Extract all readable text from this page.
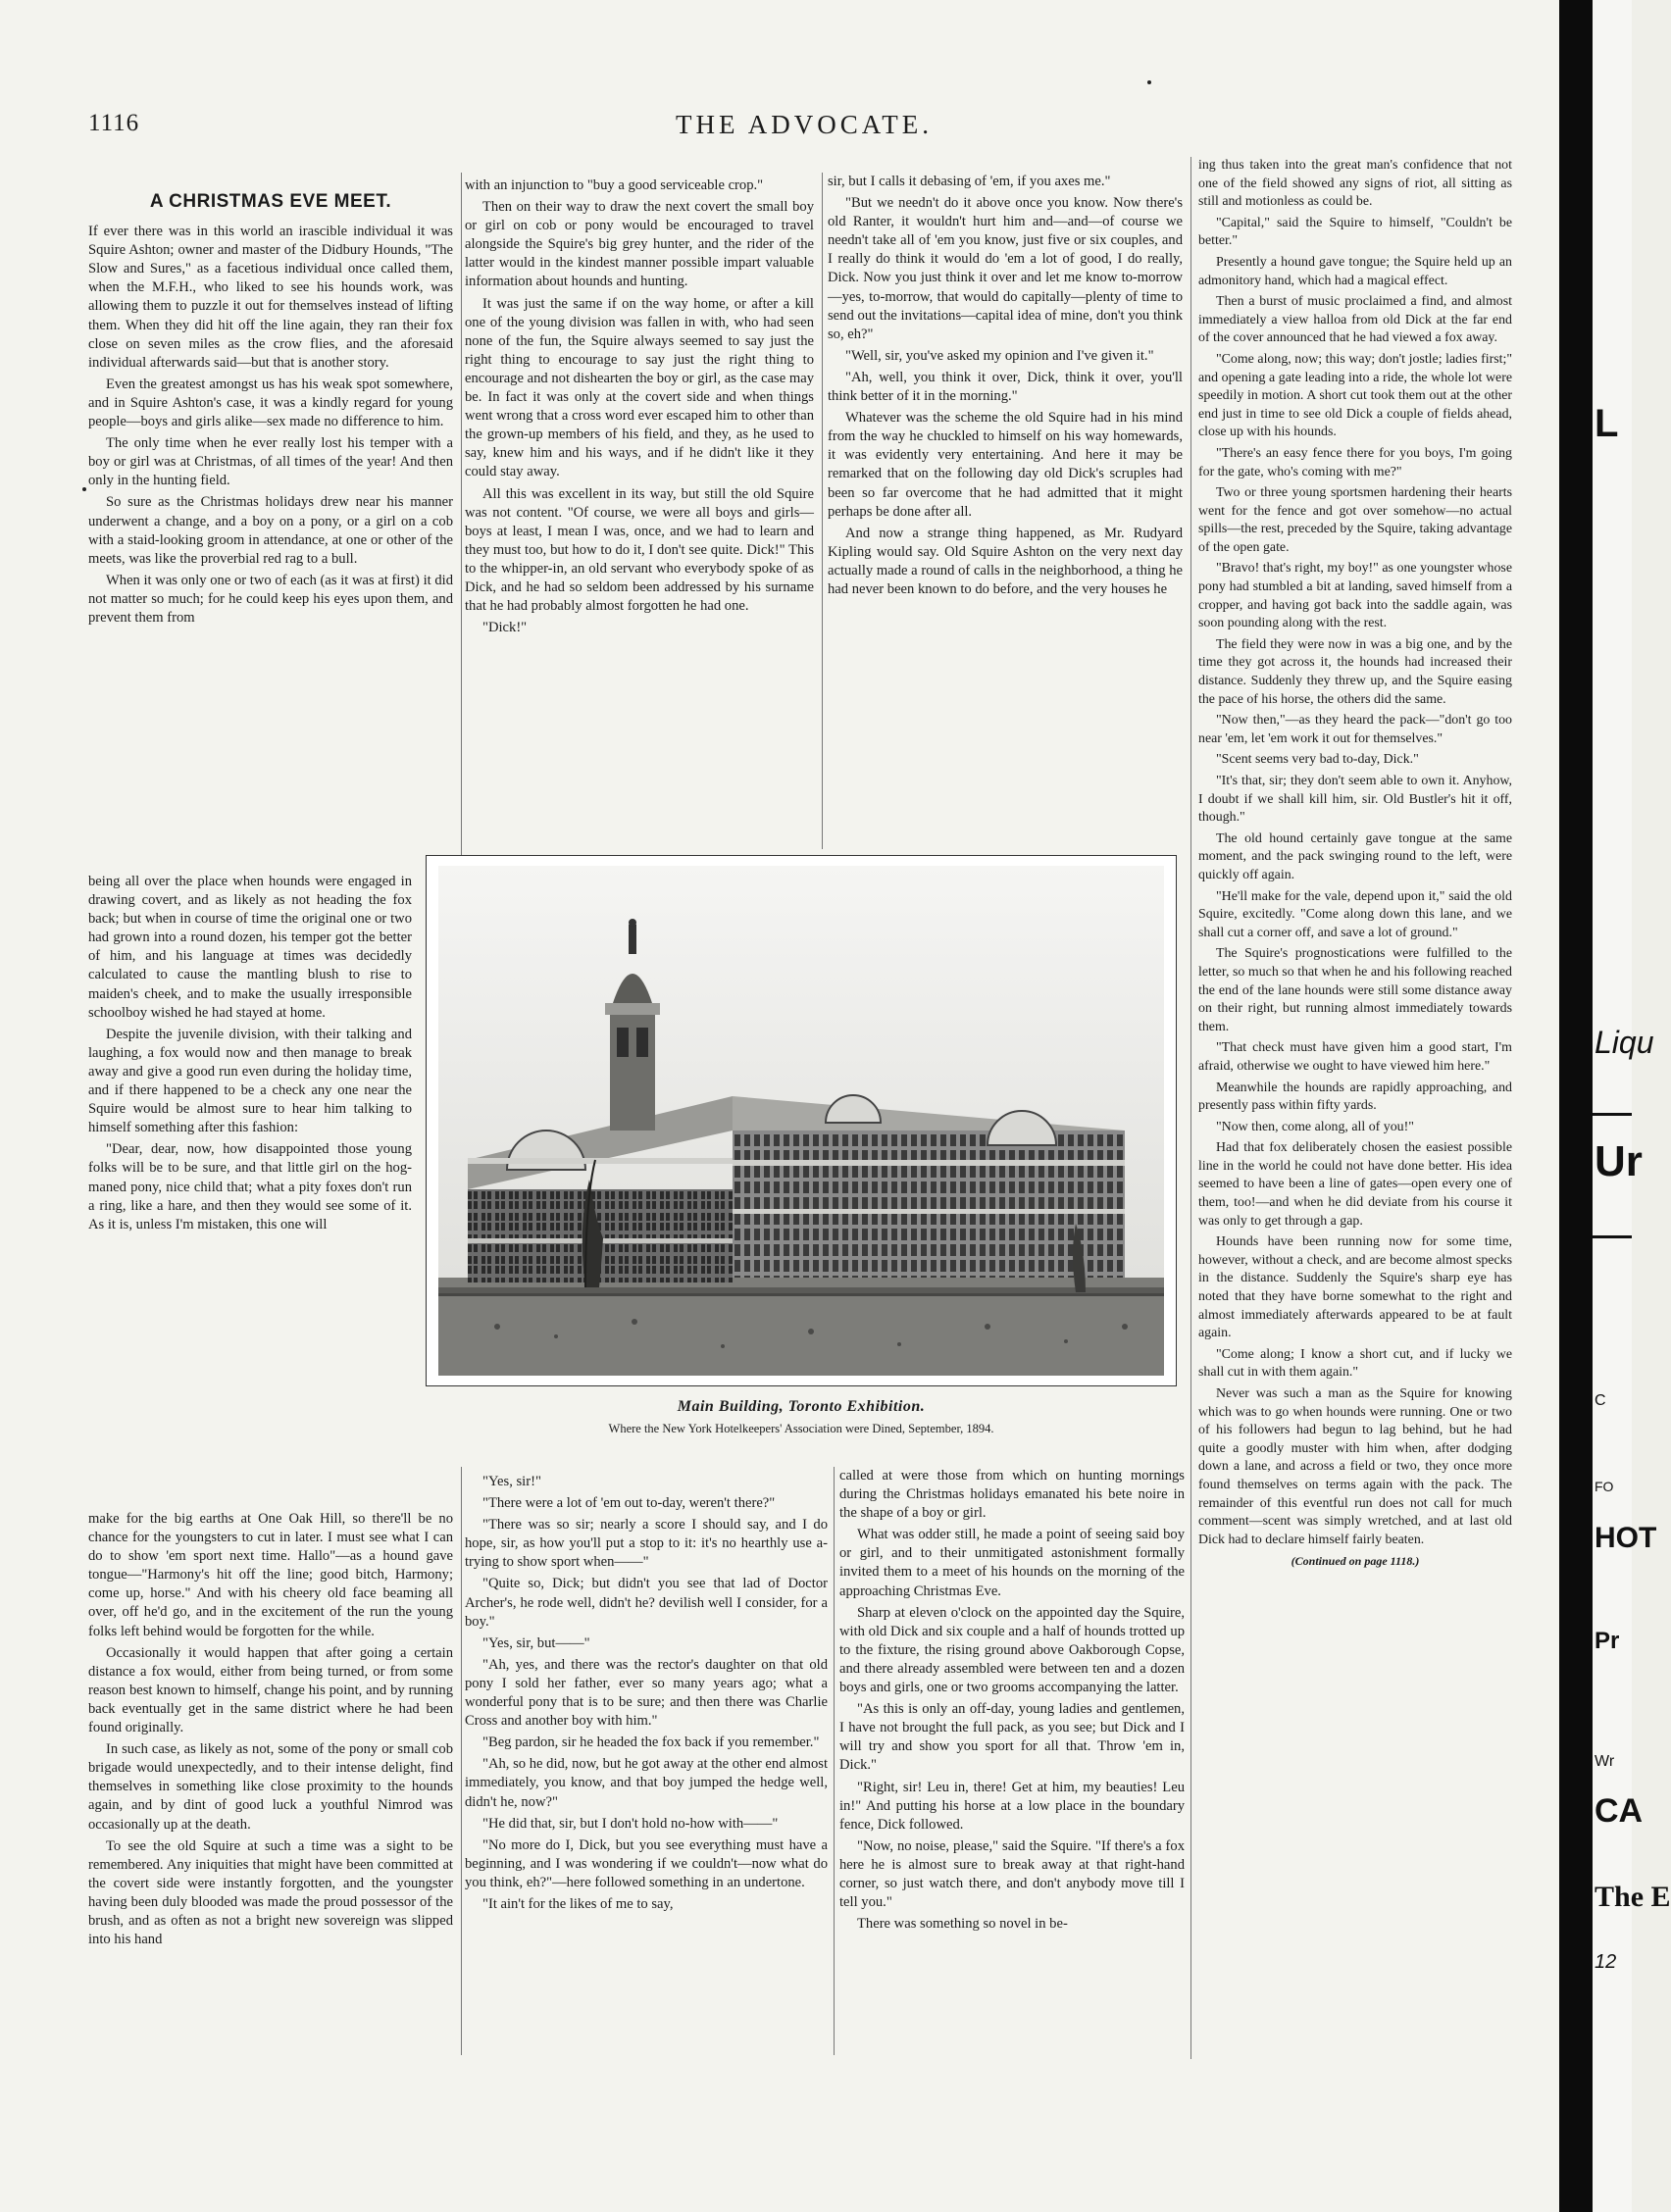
1116	THE ADVOCATE.
A CHRISTMAS EVE MEET.

If ever there was in this world an irascible individual it was Squire Ashton; owner and master of the Didbury Hounds, "The Slow and Sures," as a facetious individual once called them, when the M.F.H., who liked to see his hounds work, was allowing them to puzzle it out for themselves instead of lifting them. When they did hit off the line again, they ran their fox close on seven miles as the crow flies, and the aforesaid individual afterwards said—but that is another story.

Even the greatest amongst us has his weak spot somewhere, and in Squire Ashton's case, it was a kindly regard for young people—boys and girls alike—sex made no difference to him.

The only time when he ever really lost his temper with a boy or girl was at Christmas, of all times of the year! And then only in the hunting field.

So sure as the Christmas holidays drew near his manner underwent a change, and a boy on a pony, or a girl on a cob with a staid-looking groom in attendance, at one or other of the meets, was like the proverbial red rag to a bull.

When it was only one or two of each (as it was at first) it did not matter so much; for he could keep his eyes upon them, and prevent them from

being all over the place when hounds were engaged in drawing covert, and as likely as not heading the fox back; but when in course of time the original one or two had grown into a round dozen, his temper got the better of him, and his language at times was decidedly calculated to cause the mantling blush to rise to maiden's cheek, and to make the usually irresponsible schoolboy wished he had stayed at home.

Despite the juvenile division, with their talking and laughing, a fox would now and then manage to break away and give a good run even during the holiday time, and if there happened to be a check any one near the Squire would be almost sure to hear him talking to himself something after this fashion:

"Dear, dear, now, how disappointed those young folks will be to be sure, and that little girl on the hog-maned pony, nice child that; what a pity foxes don't run a ring, like a hare, and then they would see some of it. As it is, unless I'm mistaken, this one will

make for the big earths at One Oak Hill, so there'll be no chance for the youngsters to cut in later. I must see what I can do to show 'em sport next time. Hallo"—as a hound gave tongue—"Harmony's hit off the line; good bitch, Harmony; come up, horse." And with his cheery old face beaming all over, off he'd go, and in the excitement of the run the young folks left behind would be forgotten for the while.

Occasionally it would happen that after going a certain distance a fox would, either from being turned, or from some reason best known to himself, change his point, and by running back eventually get in the same district where he had been found originally.

In such case, as likely as not, some of the pony or small cob brigade would unexpectedly, and to their intense delight, find themselves in something like close proximity to the hounds again, and by dint of good luck a youthful Nimrod was occasionally up at the death.

To see the old Squire at such a time was a sight to be remembered. Any iniquities that might have been committed at the covert side were instantly forgotten, and the youngster having been duly blooded was made the proud possessor of the brush, and as often as not a bright new sovereign was slipped into his hand

with an injunction to "buy a good serviceable crop."

Then on their way to draw the next covert the small boy or girl on cob or pony would be encouraged to travel alongside the Squire's big grey hunter, and the rider of the latter would in the kindest manner possible impart valuable information about hounds and hunting.

It was just the same if on the way home, or after a kill one of the young division was fallen in with, who had seen none of the fun, the Squire always seemed to say just the right thing to encourage to say just the right thing to encourage and not dishearten the boy or girl, as the case may be. In fact it was only at the covert side and when things went wrong that a cross word ever escaped him to other than the grown-up members of his field, and they, as he used to say, knew him and his ways, and if he didn't like it they could stay away.

All this was excellent in its way, but still the old Squire was not content. "Of course, we were all boys and girls—boys at least, I mean I was, once, and we had to learn and they must too, but how to do it, I don't see quite. Dick!" This to the whipper-in, an old servant who everybody spoke of as Dick, and he had so seldom been addressed by his surname that he had probably almost forgotten he had one.

"Dick!"

sir, but I calls it debasing of 'em, if you axes me."

"But we needn't do it above once you know. Now there's old Ranter, it wouldn't hurt him and—and—of course we needn't take all of 'em you know, just five or six couples, and I really do think it would do 'em a lot of good, I do really, Dick. Now you just think it over and let me know to-morrow—yes, to-morrow, that would do capitally—plenty of time to send out the invitations—capital idea of mine, don't you think so, eh?"

"Well, sir, you've asked my opinion and I've given it."

"Ah, well, you think it over, Dick, think it over, you'll think better of it in the morning."

Whatever was the scheme the old Squire had in his mind from the way he chuckled to himself on his way homewards, it was evidently very entertaining. And here it may be remarked that on the following day old Dick's scruples had been so far overcome that he had admitted that it might perhaps be done after all.

And now a strange thing happened, as Mr. Rudyard Kipling would say. Old Squire Ashton on the very next day actually made a round of calls in the neighborhood, a thing he had never been known to do before, and the very houses he

Main Building, Toronto Exhibition.
Where the New York Hotelkeepers' Association were Dined, September, 1894.

"Yes, sir!"

"There were a lot of 'em out to-day, weren't there?"

"There was so sir; nearly a score I should say, and I do hope, sir, as how you'll put a stop to it: it's no hearthly use a-trying to show sport when——"

"Quite so, Dick; but didn't you see that lad of Doctor Archer's, he rode well, didn't he? devilish well I consider, for a boy."

"Yes, sir, but——"

"Ah, yes, and there was the rector's daughter on that old pony I sold her father, ever so many years ago; what a wonderful pony that is to be sure; and then there was Charlie Cross and another boy with him."

"Beg pardon, sir he headed the fox back if you remember."

"Ah, so he did, now, but he got away at the other end almost immediately, you know, and that boy jumped the hedge well, didn't he, now?"

"He did that, sir, but I don't hold no-how with——"

"No more do I, Dick, but you see everything must have a beginning, and I was wondering if we couldn't—now what do you think, eh?"—here followed something in an undertone.

"It ain't for the likes of me to say,

called at were those from which on hunting mornings during the Christmas holidays emanated his bete noire in the shape of a boy or girl.

What was odder still, he made a point of seeing said boy or girl, and to their unmitigated astonishment formally invited them to a meet of his hounds on the morning of the approaching Christmas Eve.

Sharp at eleven o'clock on the appointed day the Squire, with old Dick and six couple and a half of hounds trotted up to the fixture, the rising ground above Oakborough Copse, and there already assembled were between ten and a dozen boys and girls, one or two grooms accompanying the latter.

"As this is only an off-day, young ladies and gentlemen, I have not brought the full pack, as you see; but Dick and I will try and show you sport for all that. Throw 'em in, Dick."

"Right, sir! Leu in, there! Get at him, my beauties! Leu in!" And putting his horse at a low place in the boundary fence, Dick followed.

"Now, no noise, please," said the Squire. "If there's a fox here he is almost sure to break away at that right-hand corner, so just watch there, and don't anybody move till I tell you."

There was something so novel in be-

ing thus taken into the great man's confidence that not one of the field showed any signs of riot, all sitting as still and motionless as could be.

"Capital," said the Squire to himself, "Couldn't be better."

Presently a hound gave tongue; the Squire held up an admonitory hand, which had a magical effect.

Then a burst of music proclaimed a find, and almost immediately a view halloa from old Dick at the far end of the cover announced that he had viewed a fox away.

"Come along, now; this way; don't jostle; ladies first;" and opening a gate leading into a ride, the whole lot were speedily in motion. A short cut took them out at the other end just in time to see old Dick a couple of fields ahead, close up with his hounds.

"There's an easy fence there for you boys, I'm going for the gate, who's coming with me?"

Two or three young sportsmen hardening their hearts went for the fence and got over somehow—no actual spills—the rest, preceded by the Squire, taking advantage of the open gate.

"Bravo! that's right, my boy!" as one youngster whose pony had stumbled a bit at landing, saved himself from a cropper, and having got back into the saddle again, was soon pounding along with the rest.

The field they were now in was a big one, and by the time they got across it, the hounds had increased their distance. Suddenly they threw up, and the Squire easing the pace of his horse, the others did the same.

"Now then,"—as they heard the pack—"don't go too near 'em, let 'em work it out for themselves."

"Scent seems very bad to-day, Dick."

"It's that, sir; they don't seem able to own it. Anyhow, I doubt if we shall kill him, sir. Old Bustler's hit it off, though."

The old hound certainly gave tongue at the same moment, and the pack swinging round to the left, were quickly off again.

"He'll make for the vale, depend upon it," said the old Squire, excitedly. "Come along down this lane, and we shall cut a corner off, and save a lot of ground."

The Squire's prognostications were fulfilled to the letter, so much so that when he and his following reached the end of the lane hounds were still some distance away on their right, but running almost immediately towards them.

"That check must have given him a good start, I'm afraid, otherwise we ought to have viewed him here."

Meanwhile the hounds are rapidly approaching, and presently pass within fifty yards.

"Now then, come along, all of you!"

Had that fox deliberately chosen the easiest possible line in the world he could not have done better. His idea seemed to have been a line of gates—open every one of them, too!—and when he did deviate from his course it was only to get through a gap.

Hounds have been running now for some time, however, without a check, and are become almost specks in the distance. Suddenly the Squire's sharp eye has noted that they have borne somewhat to the right and almost immediately afterwards appeared to be at fault again.

"Come along; I know a short cut, and if lucky we shall cut in with them again."

Never was such a man as the Squire for knowing which was to go when hounds were running. One or two of his followers had begun to lag behind, but he had quite a goodly muster with him when, after dodging down a lane, and across a field or two, they once more found themselves on terms again with the pack. The remainder of this eventful run does not call for much comment—scent was simply wretched, and at last old Dick had to declare himself fairly beaten.

(Continued on page 1118.)
L
Liqu
Ur
C
FO
HOT
Pr
Wr
CA
The E
12
